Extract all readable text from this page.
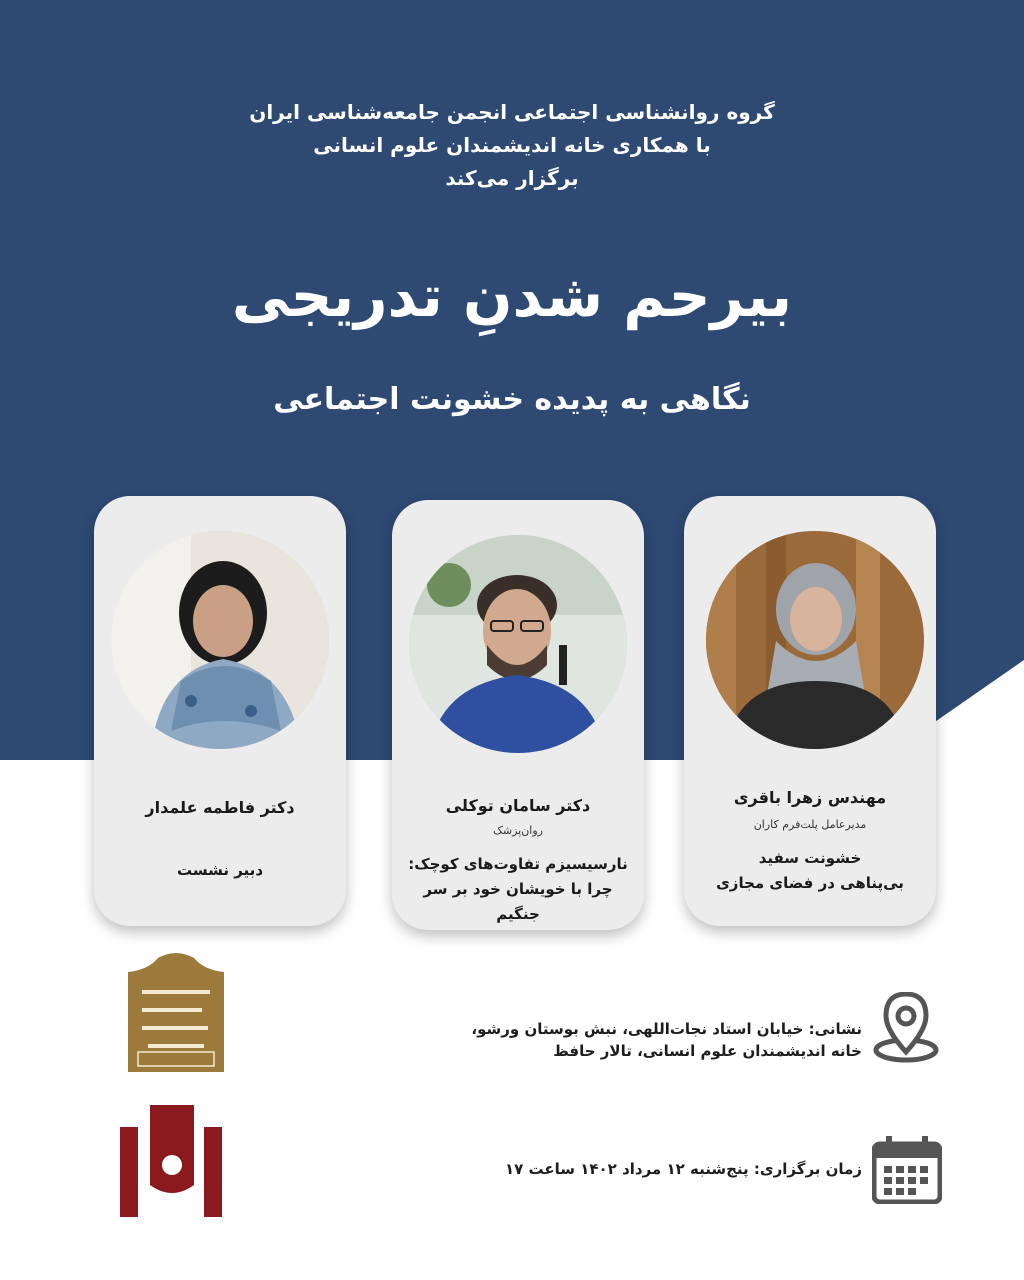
گروه روانشناسی اجتماعی انجمن جامعه‌شناسی ایران
با همکاری خانه اندیشمندان علوم انسانی
برگزار می‌کند
بیرحم شدنِ تدریجی
نگاهی به پدیده خشونت اجتماعی
دکتر فاطمه علمدار
دبیر نشست
دکتر سامان توکلی
روان‌پزشک
نارسیسیزم تفاوت‌های کوچک:
چرا با خویشان خود بر سر جنگیم
مهندس زهرا باقری
مدیرعامل پلت‌فرم کاران
خشونت سفید
بی‌پناهی در فضای مجازی
نشانی: خیابان استاد نجات‌اللهی، نبش بوستان ورشو،
خانه اندیشمندان علوم انسانی، تالار حافظ
زمان برگزاری: پنج‌شنبه ۱۲ مرداد ۱۴۰۲ ساعت ۱۷
